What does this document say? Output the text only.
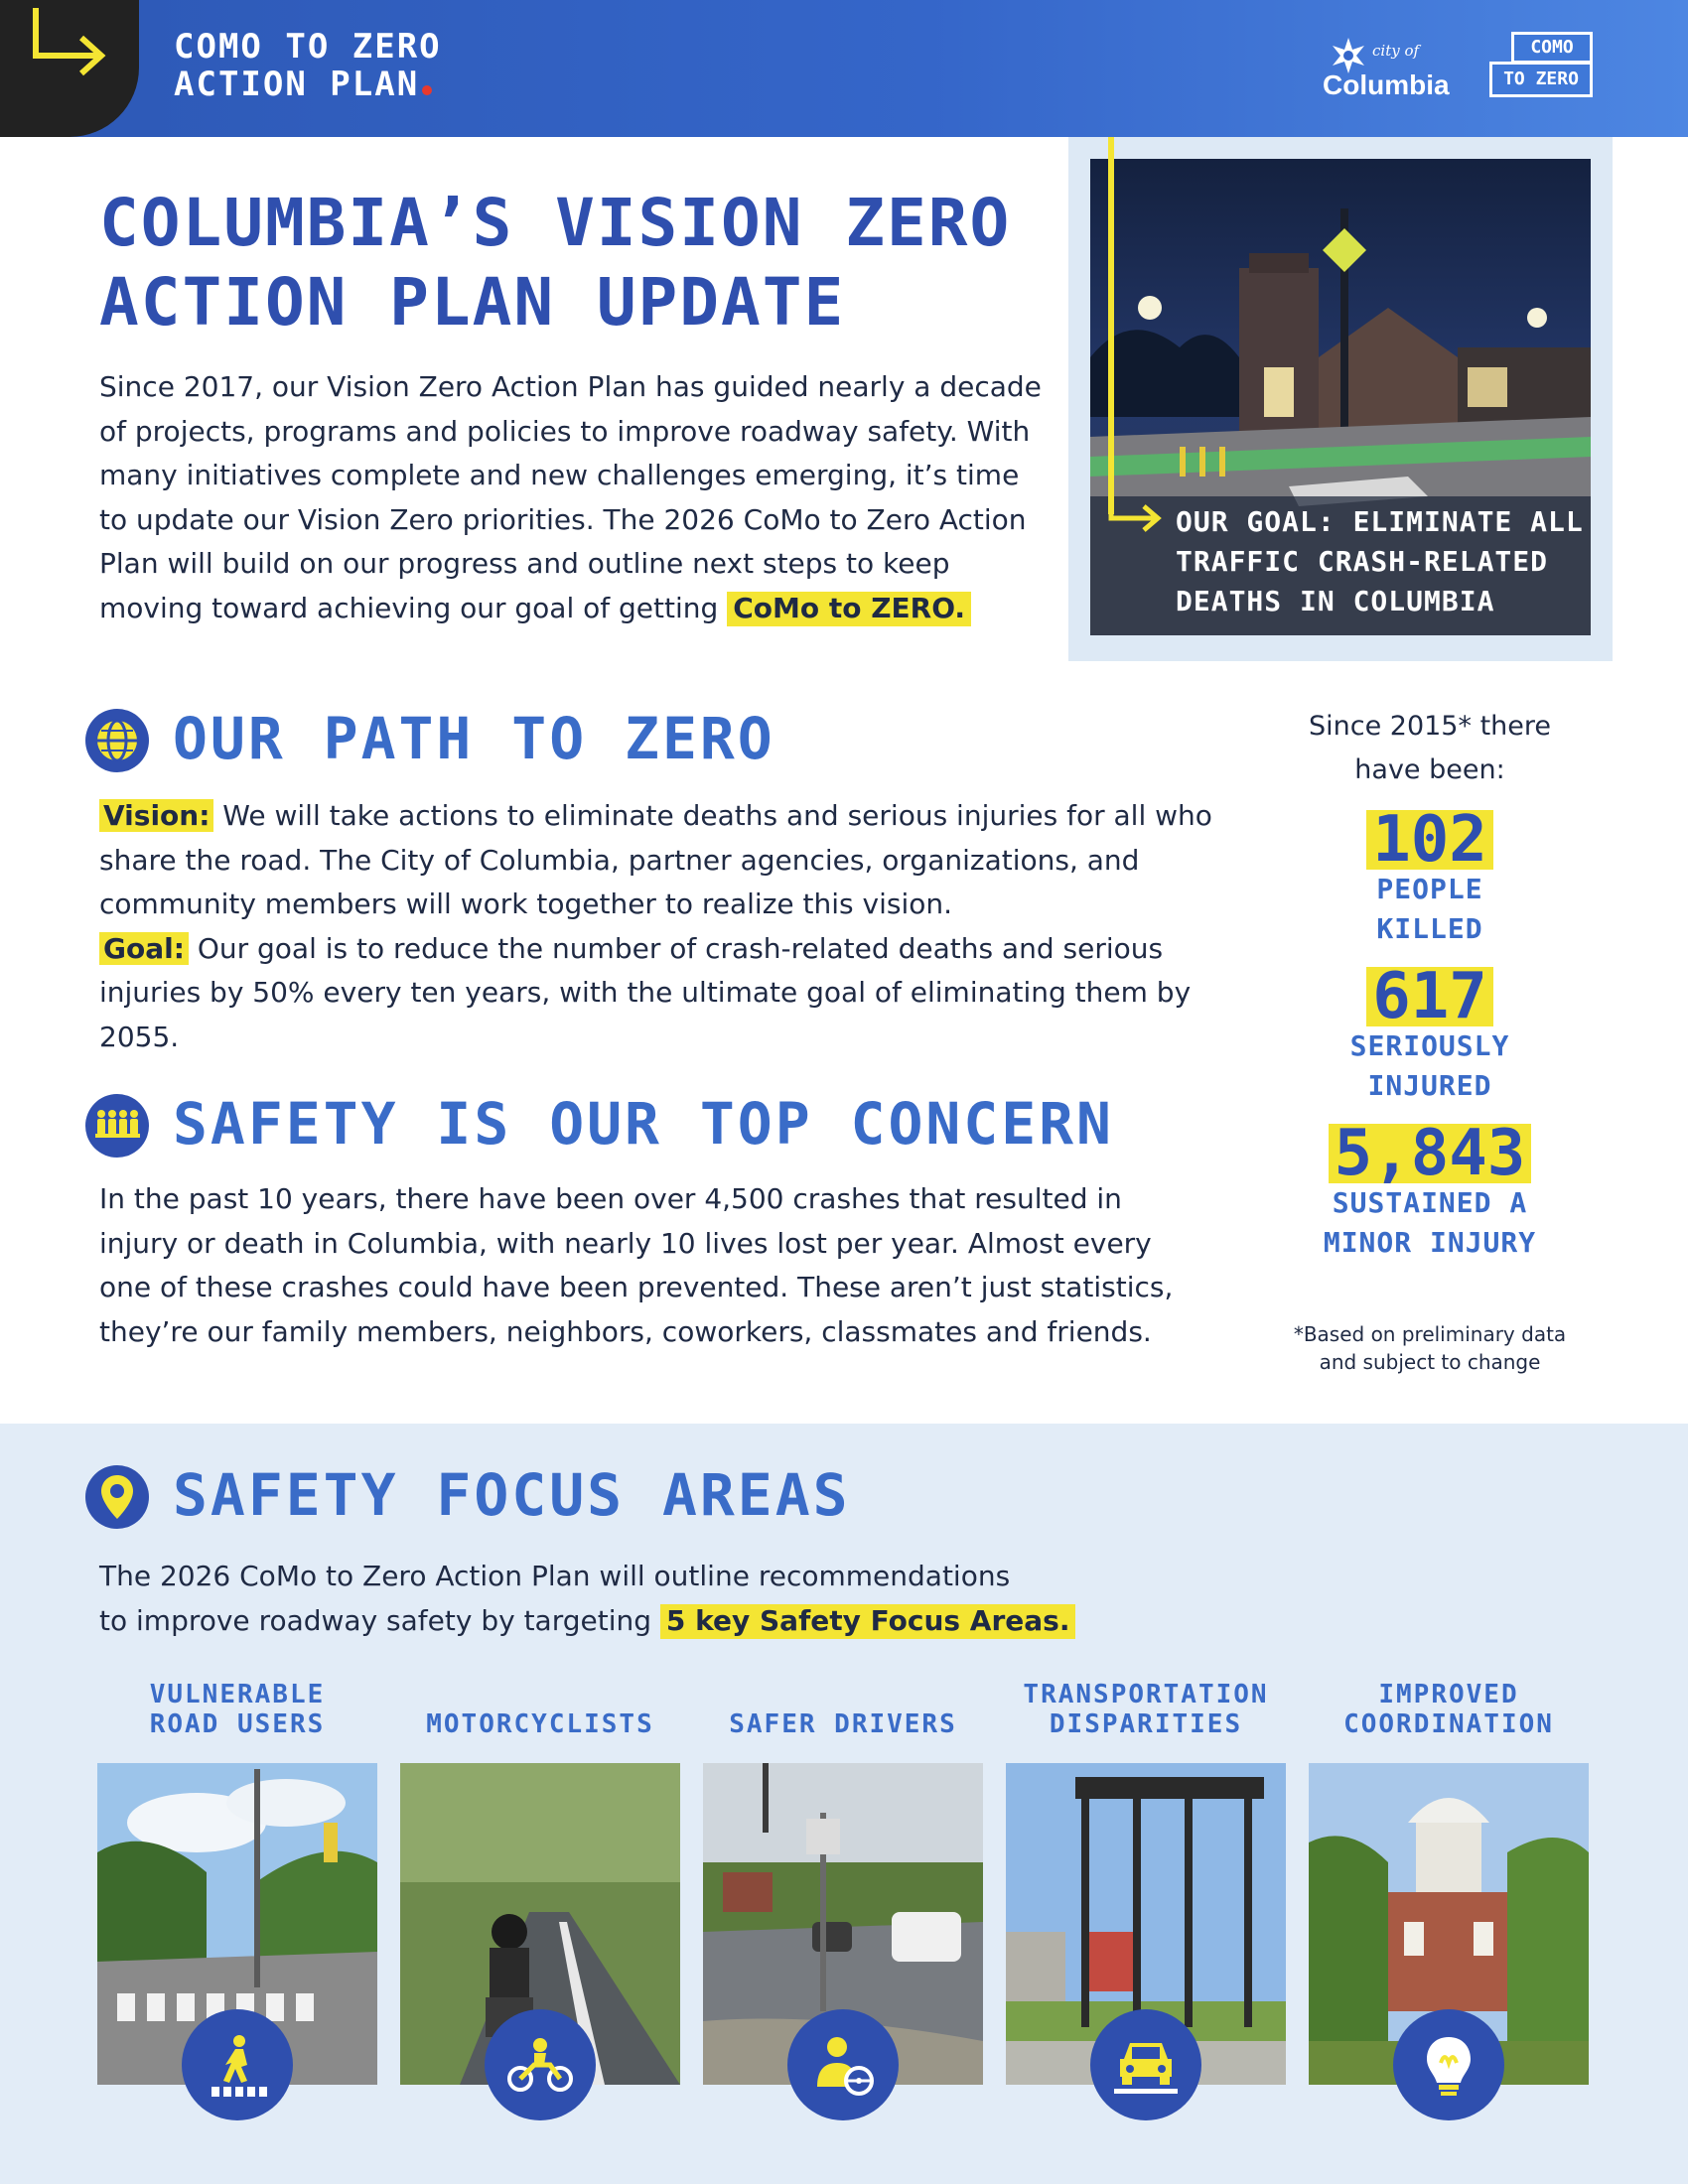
COMO TO ZERO
ACTION PLAN
city of
Columbia
COMO
TO ZERO
COLUMBIA’S VISION ZERO
ACTION PLAN UPDATE
Since 2017, our Vision Zero Action Plan has guided nearly a decade of projects, programs and policies to improve roadway safety. With many initiatives complete and new challenges emerging, it’s time to update our Vision Zero priorities. The 2026 CoMo to Zero Action Plan will build on our progress and outline next steps to keep moving toward achieving our goal of getting CoMo to ZERO.
OUR GOAL: ELIMINATE ALL
TRAFFIC CRASH-RELATED
DEATHS IN COLUMBIA
OUR PATH TO ZERO
Vision: We will take actions to eliminate deaths and serious injuries for all who share the road. The City of Columbia, partner agencies, organizations, and community members will work together to realize this vision.
Goal: Our goal is to reduce the number of crash-related deaths and serious injuries by 50% every ten years, with the ultimate goal of eliminating them by 2055.
SAFETY IS OUR TOP CONCERN
In the past 10 years, there have been over 4,500 crashes that resulted in injury or death in Columbia, with nearly 10 lives lost per year. Almost every one of these crashes could have been prevented. These aren’t just statistics, they’re our family members, neighbors, coworkers, classmates and friends.
Since 2015* there
have been:
102
PEOPLE
KILLED
617
SERIOUSLY
INJURED
5,843
SUSTAINED A
MINOR INJURY
*Based on preliminary data
and subject to change
SAFETY FOCUS AREAS
The 2026 CoMo to Zero Action Plan will outline recommendations
to improve roadway safety by targeting 5 key Safety Focus Areas.
VULNERABLE
ROAD USERS
	MOTORCYCLISTS
	SAFER DRIVERS
TRANSPORTATION
DISPARITIES
IMPROVED
COORDINATION
